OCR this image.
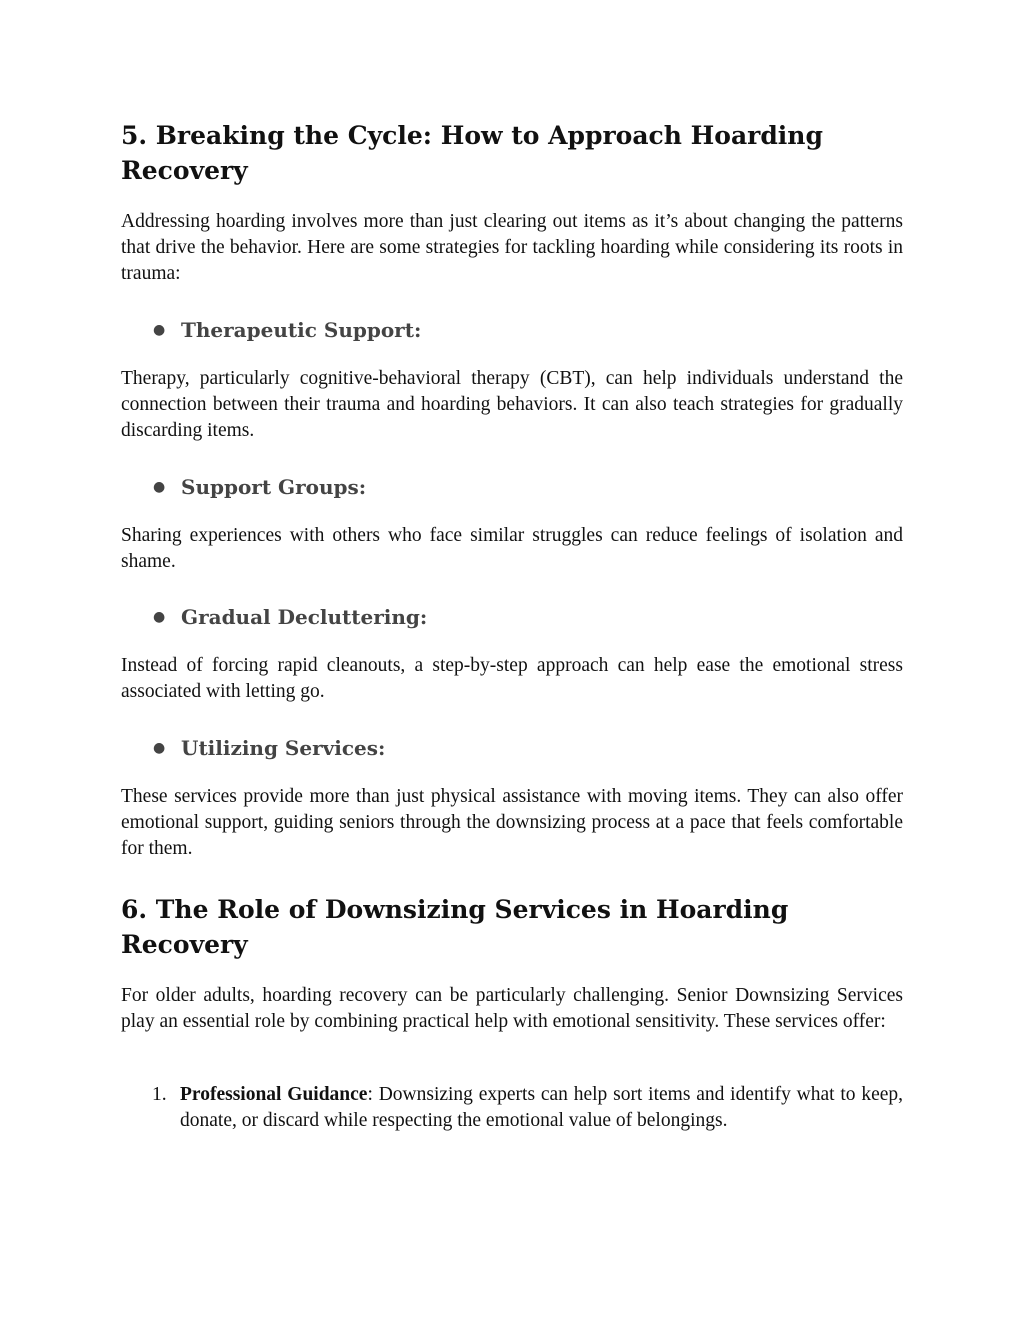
5. Breaking the Cycle: How to Approach Hoarding Recovery

Addressing hoarding involves more than just clearing out items as it’s about changing the patterns that drive the behavior. Here are some strategies for tackling hoarding while considering its roots in trauma:

● Therapeutic Support:

Therapy, particularly cognitive-behavioral therapy (CBT), can help individuals understand the connection between their trauma and hoarding behaviors. It can also teach strategies for gradually discarding items.

● Support Groups:

Sharing experiences with others who face similar struggles can reduce feelings of isolation and shame.

● Gradual Decluttering:

Instead of forcing rapid cleanouts, a step-by-step approach can help ease the emotional stress associated with letting go.

● Utilizing Services:

These services provide more than just physical assistance with moving items. They can also offer emotional support, guiding seniors through the downsizing process at a pace that feels comfortable for them.

6. The Role of Downsizing Services in Hoarding Recovery

For older adults, hoarding recovery can be particularly challenging. Senior Downsizing Services play an essential role by combining practical help with emotional sensitivity. These services offer:

1. Professional Guidance: Downsizing experts can help sort items and identify what to keep, donate, or discard while respecting the emotional value of belongings.
